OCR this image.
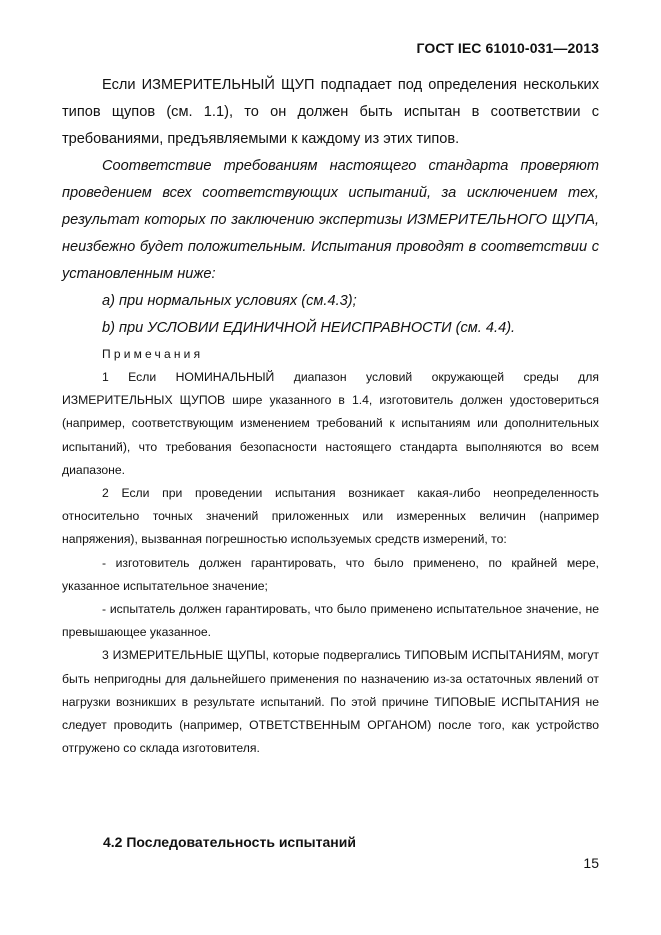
ГОСТ IEC 61010-031—2013

Если ИЗМЕРИТЕЛЬНЫЙ ЩУП подпадает под определения нескольких типов щупов (см. 1.1), то он должен быть испытан в соответствии с требованиями, предъявляемыми к каждому из этих типов.

Соответствие требованиям настоящего стандарта проверяют проведением всех соответствующих испытаний, за исключением тех, результат которых по заключению экспертизы ИЗМЕРИТЕЛЬНОГО ЩУПА, неизбежно будет положительным. Испытания проводят в соответствии с установленным ниже:

а) при нормальных условиях (см.4.3);

b) при УСЛОВИИ ЕДИНИЧНОЙ НЕИСПРАВНОСТИ (см. 4.4).

Примечания

1 Если НОМИНАЛЬНЫЙ диапазон условий окружающей среды для ИЗМЕРИТЕЛЬНЫХ ЩУПОВ шире указанного в 1.4, изготовитель должен удостовериться (например, соответствующим изменением требований к испытаниям или дополнительных испытаний), что требования безопасности настоящего стандарта выполняются во всем диапазоне.

2 Если при проведении испытания возникает какая-либо неопределенность относительно точных значений приложенных или измеренных величин (например напряжения), вызванная погрешностью используемых средств измерений, то:

- изготовитель должен гарантировать, что было применено, по крайней мере, указанное испытательное значение;

- испытатель должен гарантировать, что было применено испытательное значение, не превышающее указанное.

3 ИЗМЕРИТЕЛЬНЫЕ ЩУПЫ, которые подвергались ТИПОВЫМ ИСПЫТАНИЯМ, могут быть непригодны для дальнейшего применения по назначению из-за остаточных явлений от нагрузки возникших в результате испытаний. По этой причине ТИПОВЫЕ ИСПЫТАНИЯ не следует проводить (например, ОТВЕТСТВЕННЫМ ОРГАНОМ) после того, как устройство отгружено со склада изготовителя.

4.2 Последовательность испытаний
15
